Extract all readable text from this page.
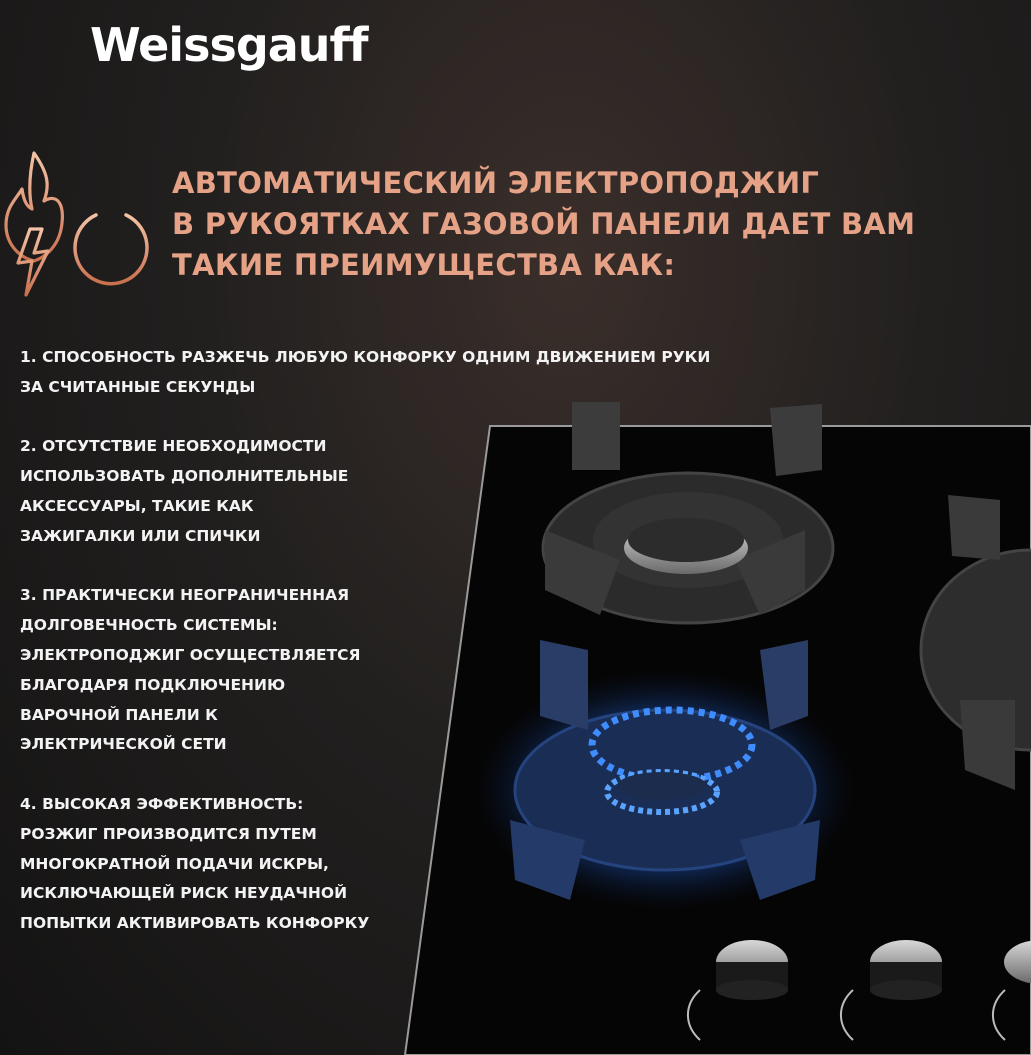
Weissgauff
АВТОМАТИЧЕСКИЙ ЭЛЕКТРОПОДЖИГ
В РУКОЯТКАХ ГАЗОВОЙ ПАНЕЛИ ДАЕТ ВАМ
ТАКИЕ ПРЕИМУЩЕСТВА КАК:
1. СПОСОБНОСТЬ РАЗЖЕЧЬ ЛЮБУЮ КОНФОРКУ ОДНИМ ДВИЖЕНИЕМ РУКИ
ЗА СЧИТАННЫЕ СЕКУНДЫ
2. ОТСУТСТВИЕ НЕОБХОДИМОСТИ
ИСПОЛЬЗОВАТЬ ДОПОЛНИТЕЛЬНЫЕ
АКСЕССУАРЫ, ТАКИЕ КАК
ЗАЖИГАЛКИ ИЛИ СПИЧКИ
3. ПРАКТИЧЕСКИ НЕОГРАНИЧЕННАЯ
ДОЛГОВЕЧНОСТЬ СИСТЕМЫ:
ЭЛЕКТРОПОДЖИГ ОСУЩЕСТВЛЯЕТСЯ
БЛАГОДАРЯ ПОДКЛЮЧЕНИЮ
ВАРОЧНОЙ ПАНЕЛИ К
ЭЛЕКТРИЧЕСКОЙ СЕТИ
4. ВЫСОКАЯ ЭФФЕКТИВНОСТЬ:
РОЗЖИГ ПРОИЗВОДИТСЯ ПУТЕМ
МНОГОКРАТНОЙ ПОДАЧИ ИСКРЫ,
ИСКЛЮЧАЮЩЕЙ РИСК НЕУДАЧНОЙ
ПОПЫТКИ АКТИВИРОВАТЬ КОНФОРКУ
